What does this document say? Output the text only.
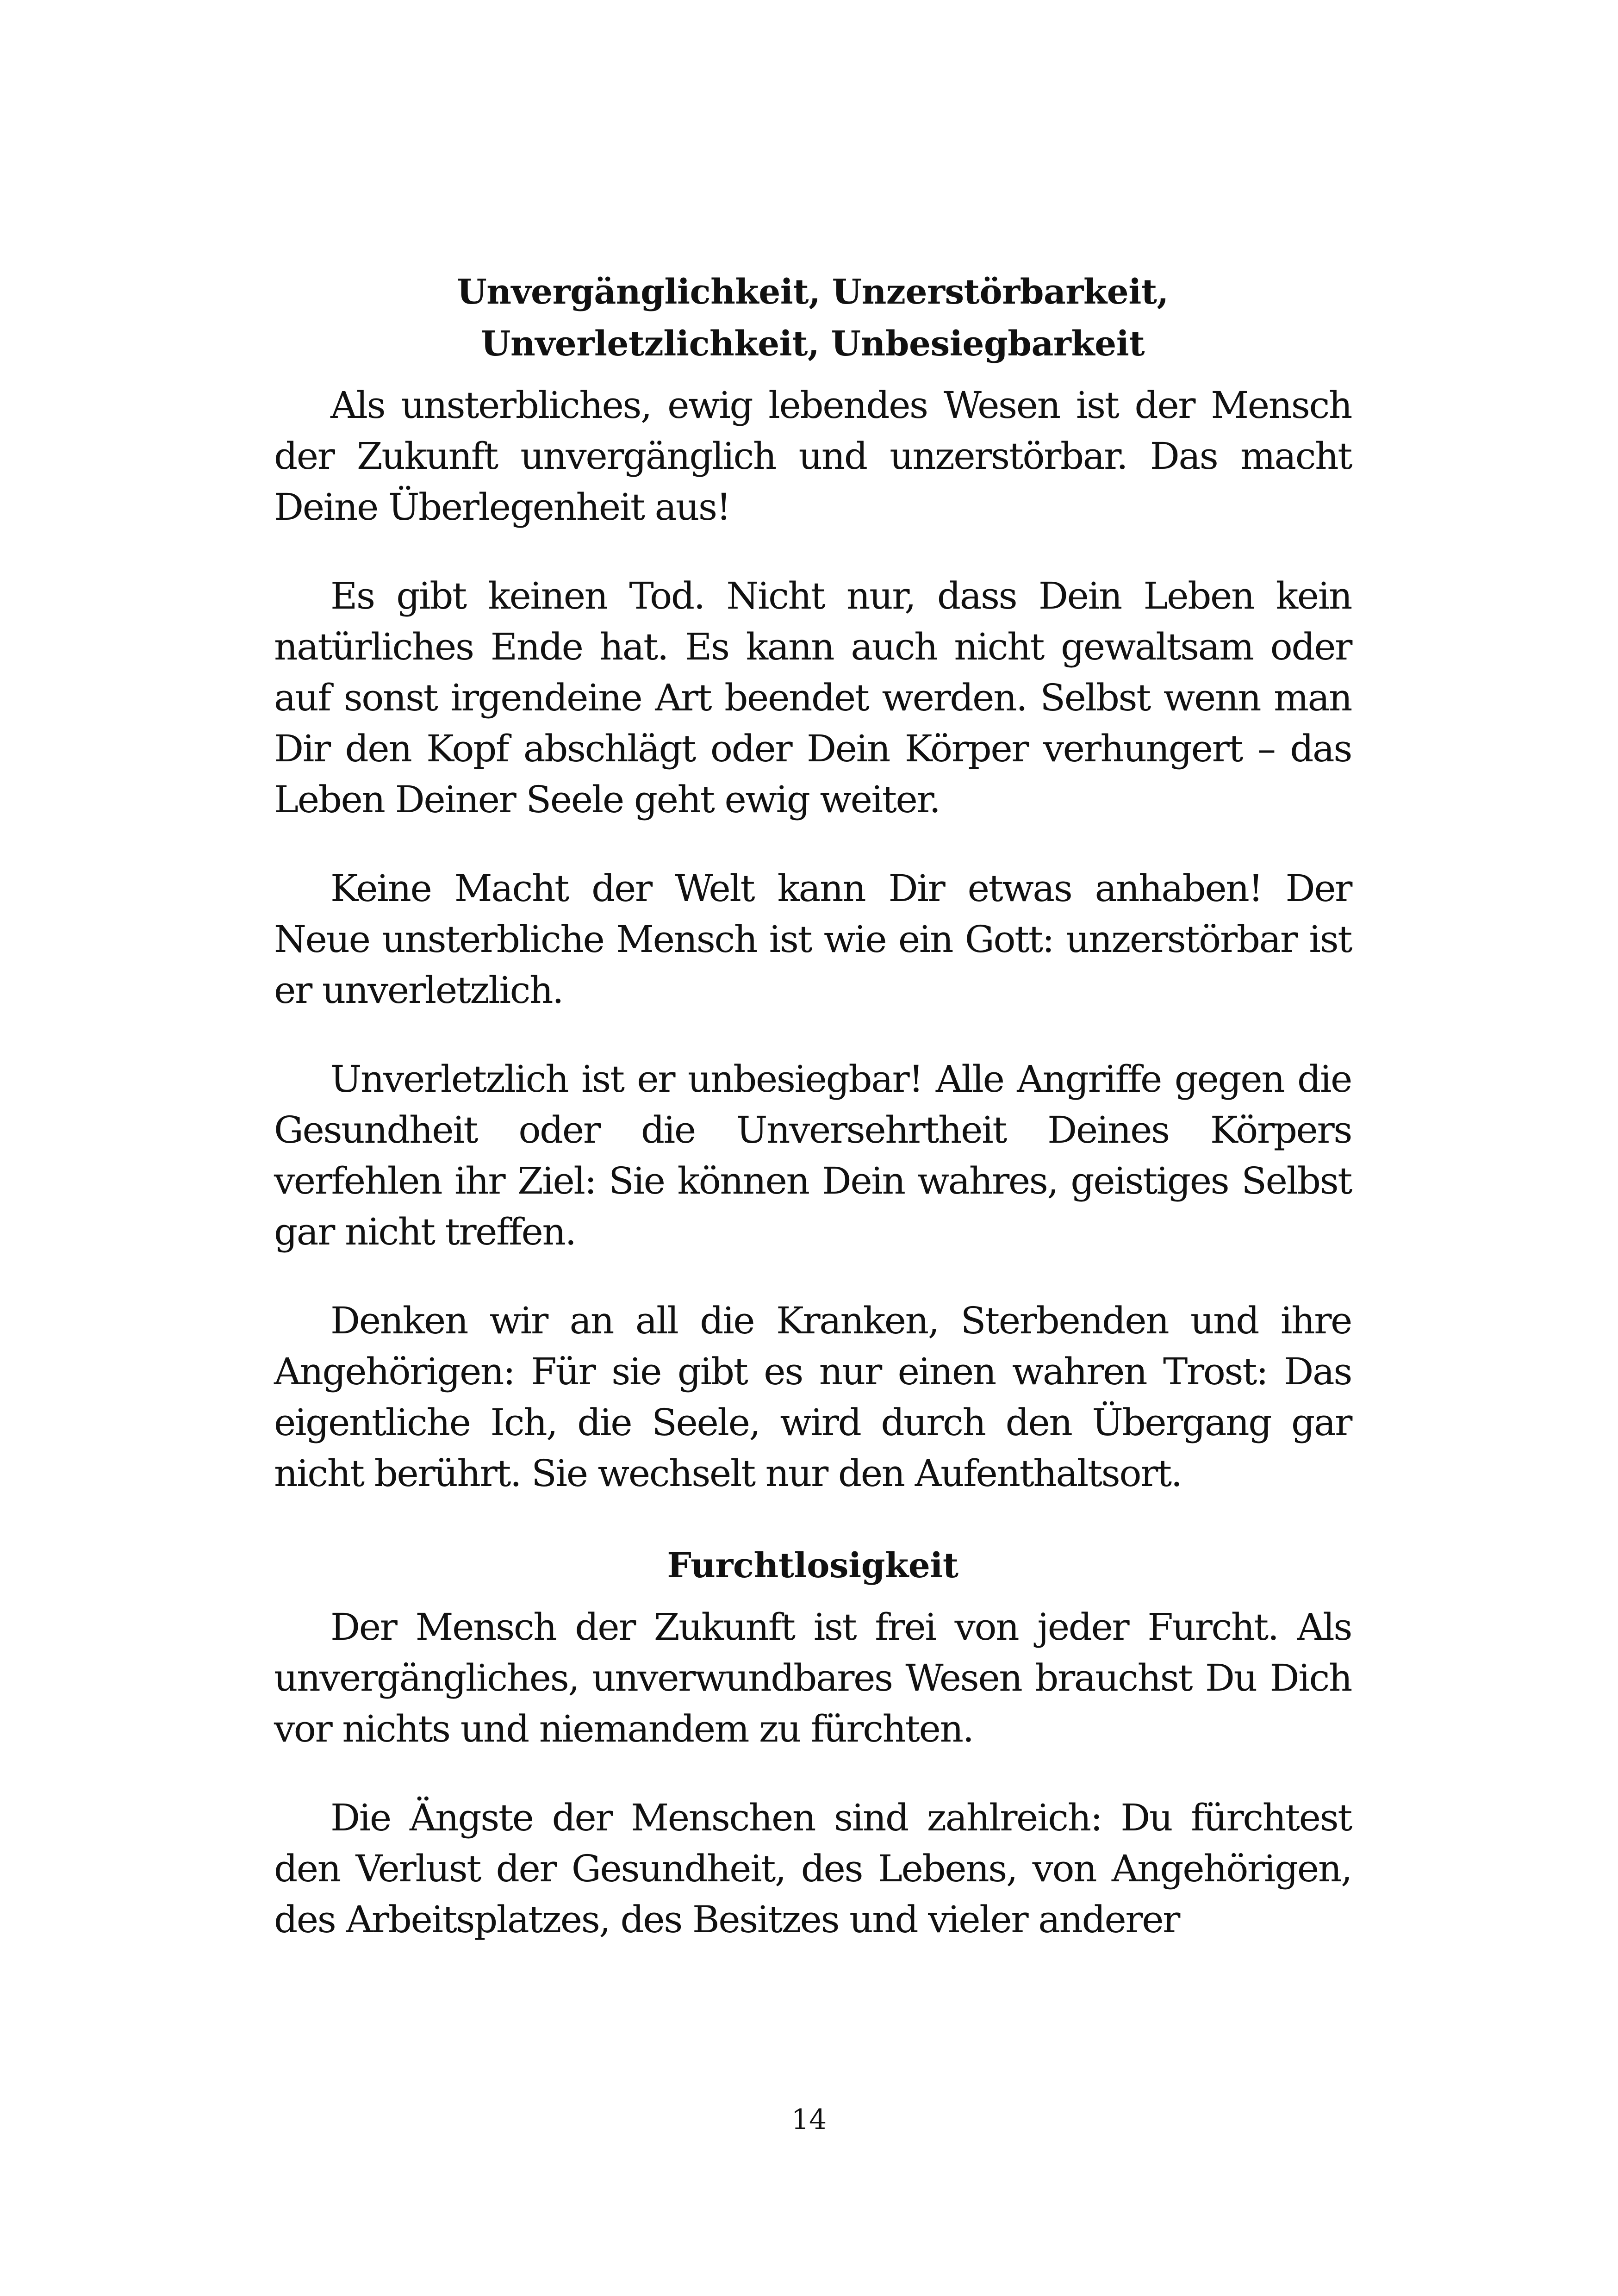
Unvergänglichkeit, Unzerstörbarkeit,
Unverletzlichkeit, Unbesiegbarkeit

Als unsterbliches, ewig lebendes Wesen ist der Mensch der Zukunft unvergänglich und unzerstörbar. Das macht Deine Überlegenheit aus!

Es gibt keinen Tod. Nicht nur, dass Dein Leben kein natürliches Ende hat. Es kann auch nicht gewaltsam oder auf sonst irgendeine Art beendet werden. Selbst wenn man Dir den Kopf abschlägt oder Dein Körper verhungert – das Leben Deiner Seele geht ewig weiter.

Keine Macht der Welt kann Dir etwas anhaben! Der Neue unsterbliche Mensch ist wie ein Gott: unzerstörbar ist er unverletzlich.

Unverletzlich ist er unbesiegbar! Alle Angriffe gegen die Gesundheit oder die Unversehrtheit Deines Körpers verfehlen ihr Ziel: Sie können Dein wahres, geistiges Selbst gar nicht treffen.

Denken wir an all die Kranken, Sterbenden und ihre Angehörigen: Für sie gibt es nur einen wahren Trost: Das eigentliche Ich, die Seele, wird durch den Übergang gar nicht berührt. Sie wechselt nur den Aufenthaltsort.

Furchtlosigkeit

Der Mensch der Zukunft ist frei von jeder Furcht. Als unvergängliches, unverwundbares Wesen brauchst Du Dich vor nichts und niemandem zu fürchten.

Die Ängste der Menschen sind zahlreich: Du fürchtest den Verlust der Gesundheit, des Lebens, von Angehörigen, des Arbeitsplatzes, des Besitzes und vieler anderer

14
